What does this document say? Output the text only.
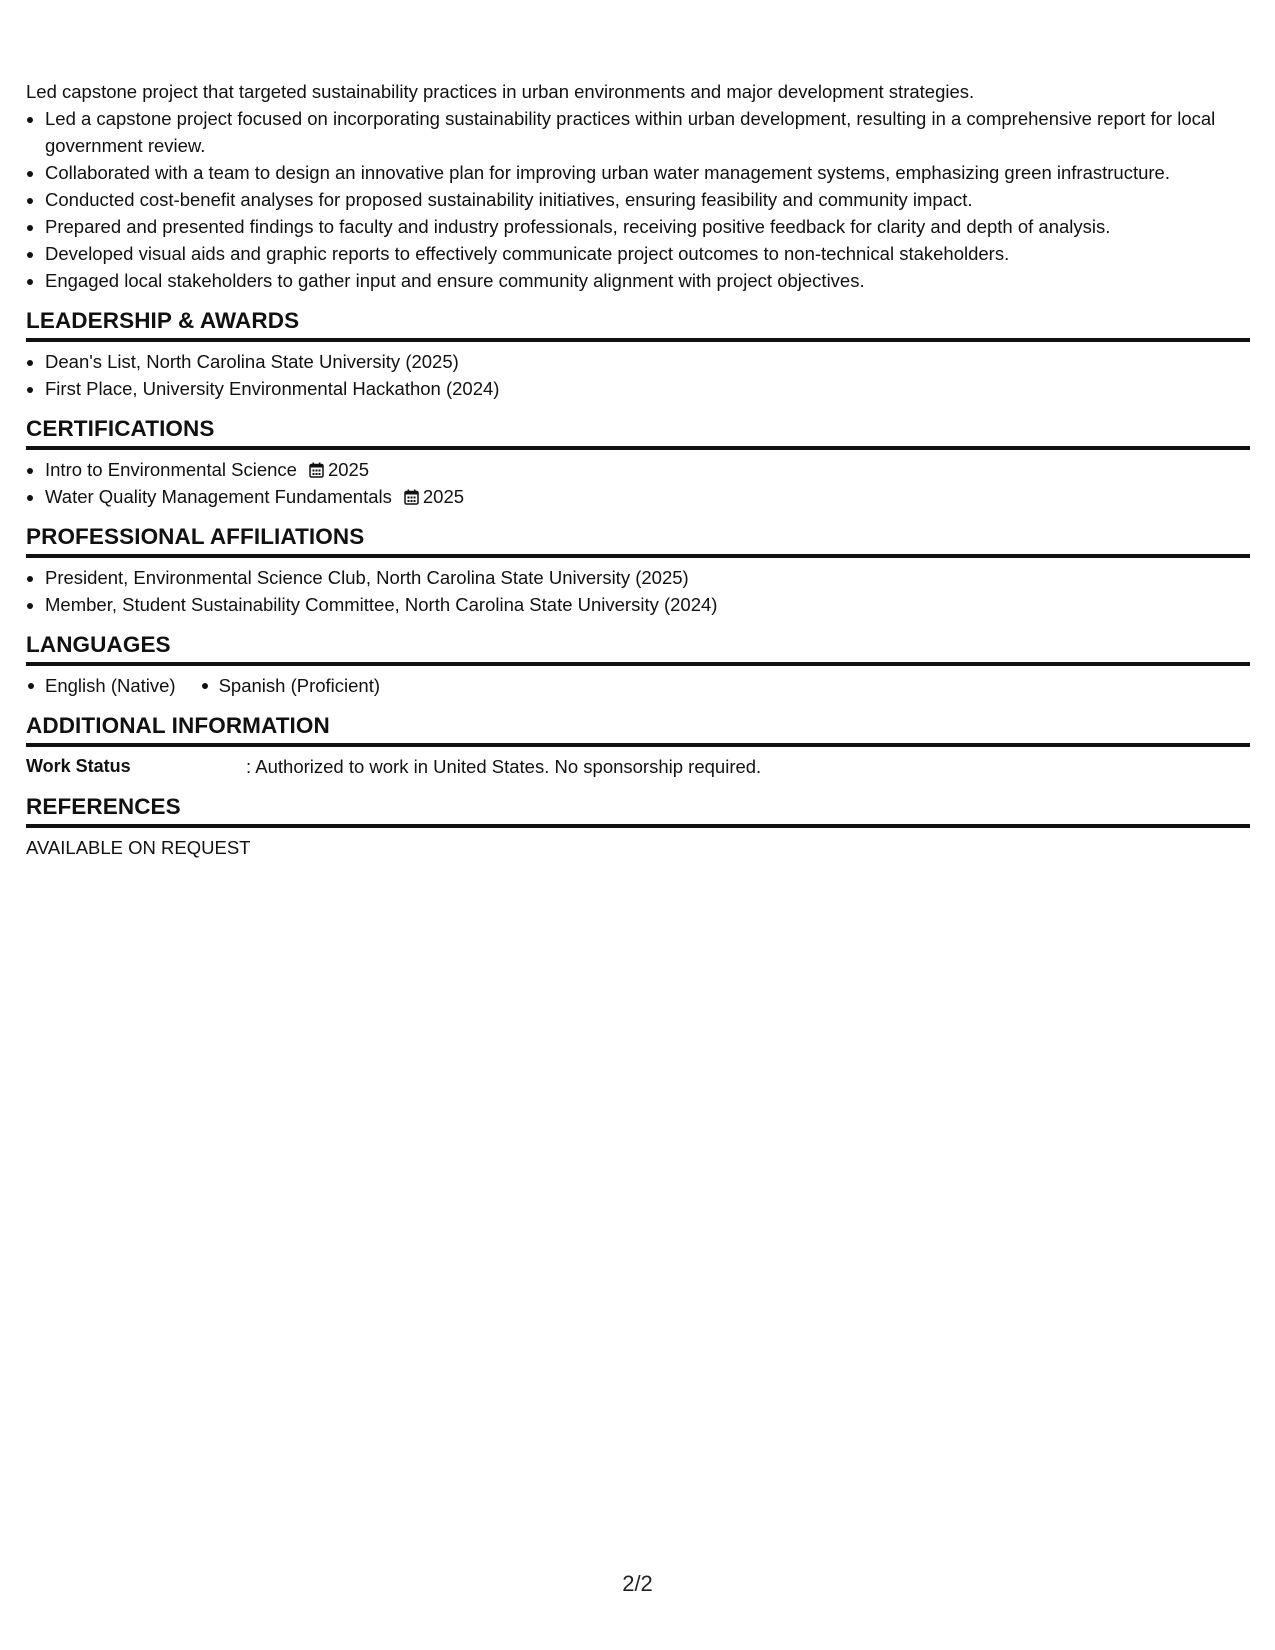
Led capstone project that targeted sustainability practices in urban environments and major development strategies.

• Led a capstone project focused on incorporating sustainability practices within urban development, resulting in a comprehensive report for local government review.
• Collaborated with a team to design an innovative plan for improving urban water management systems, emphasizing green infrastructure.
• Conducted cost-benefit analyses for proposed sustainability initiatives, ensuring feasibility and community impact.
• Prepared and presented findings to faculty and industry professionals, receiving positive feedback for clarity and depth of analysis.
• Developed visual aids and graphic reports to effectively communicate project outcomes to non-technical stakeholders.
• Engaged local stakeholders to gather input and ensure community alignment with project objectives.
LEADERSHIP & AWARDS
• Dean's List, North Carolina State University (2025)
• First Place, University Environmental Hackathon (2024)
CERTIFICATIONS
• Intro to Environmental Science 2025
• Water Quality Management Fundamentals 2025
PROFESSIONAL AFFILIATIONS
• President, Environmental Science Club, North Carolina State University (2025)
• Member, Student Sustainability Committee, North Carolina State University (2024)
LANGUAGES
English (Native)	Spanish (Proficient)
ADDITIONAL INFORMATION
Work Status	: Authorized to work in United States. No sponsorship required.
REFERENCES
AVAILABLE ON REQUEST
2/2
